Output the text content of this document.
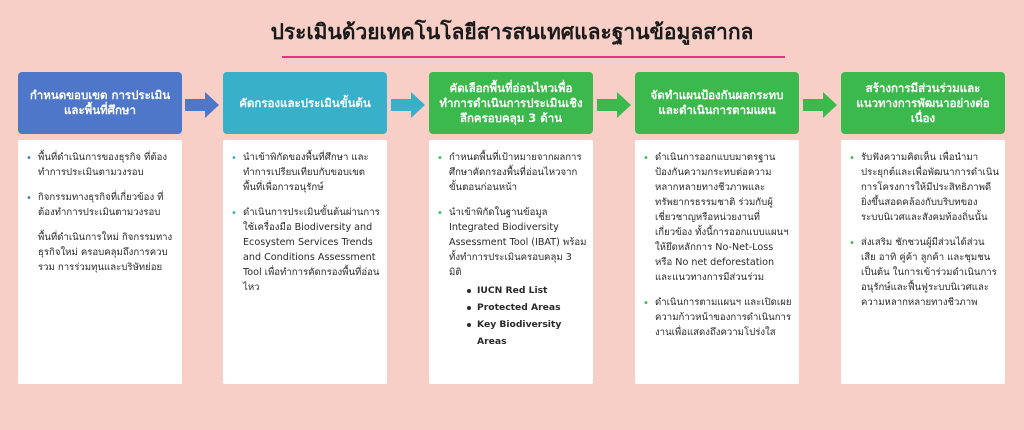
ประเมินด้วยเทคโนโลยีสารสนเทศและฐานข้อมูลสากล
กำหนดขอบเขต การประเมินและพื้นที่ศึกษา
• พื้นที่ดำเนินการของธุรกิจ ที่ต้องทำการประเมินตามวงรอบ
• กิจกรรมทางธุรกิจที่เกี่ยวข้อง ที่ต้องทำการประเมินตามวงรอบ
พื้นที่ดำเนินการใหม่ กิจกรรมทางธุรกิจใหม่ ครอบคลุมถึงการควบรวม การร่วมทุนและบริษัทย่อย
คัดกรองและประเมินขั้นต้น
• นำเข้าพิกัดของพื้นที่ศึกษา และทำการเปรียบเทียบกับขอบเขตพื้นที่เพื่อการอนุรักษ์
• ดำเนินการประเมินขั้นต้นผ่านการใช้เครื่องมือ Biodiversity and Ecosystem Services Trends and Conditions Assessment Tool เพื่อทำการคัดกรองพื้นที่อ่อนไหว
คัดเลือกพื้นที่อ่อนไหวเพื่อทำการดำเนินการประเมินเชิงลึกครอบคลุม 3 ด้าน
• กำหนดพื้นที่เป้าหมายจากผลการศึกษาคัดกรองพื้นที่อ่อนไหวจากขั้นตอนก่อนหน้า
• นำเข้าพิกัดในฐานข้อมูล Integrated Biodiversity Assessment Tool (IBAT) พร้อมทั้งทำการประเมินครอบคลุม 3 มิติ
IUCN Red List
Protected Areas
Key Biodiversity Areas
จัดทำแผนป้องกันผลกระทบและดำเนินการตามแผน
• ดำเนินการออกแบบมาตรฐานป้องกันความกระทบต่อความหลากหลายทางชีวภาพและทรัพยากรธรรมชาติ ร่วมกับผู้เชี่ยวชาญหรือหน่วยงานที่เกี่ยวข้อง ทั้งนี้การออกแบบแผนฯให้ยึดหลักการ No-Net-Loss หรือ No net deforestation และแนวทางการมีส่วนร่วม
• ดำเนินการตามแผนฯ และเปิดเผยความก้าวหน้าของการดำเนินการงานเพื่อแสดงถึงความโปร่งใส
สร้างการมีส่วนร่วมและแนวทางการพัฒนาอย่างต่อเนื่อง
• รับฟังความคิดเห็น เพื่อนำมาประยุกต์และเพื่อพัฒนาการดำเนินการโครงการให้มีประสิทธิภาพดียิ่งขึ้นสอดคล้องกับบริบทของระบบนิเวศและสังคมท้องถิ่นนั้น
• ส่งเสริม ชักชวนผู้มีส่วนได้ส่วนเสีย อาทิ คู่ค้า ลูกค้า และชุมชน เป็นต้น ในการเข้าร่วมดำเนินการอนุรักษ์และฟื้นฟูระบบนิเวศและความหลากหลายทางชีวภาพ
